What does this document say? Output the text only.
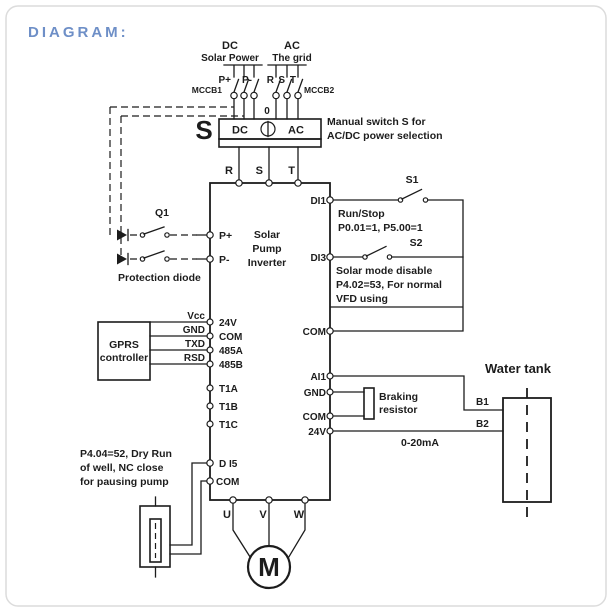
DIAGRAM:
DC
Solar Power
P+ P-
MCCB1
AC
The grid
R S T
MCCB2
S DC	AC
0
Manual switch S for
AC/DC power selection
R S T
Solar
Pump
Inverter
P+
P-
24V
COM
485A
485B
T1A
T1B
T1C
D I5
COM
DI1
DI3
COM
AI1
GND
COM
24V
U	V W
Q1
Protection diode
GPRS
controller
Vcc
GND
TXD
RSD
S1
Run/Stop
P0.01=1, P5.00=1
S2
Solar mode disable
P4.02=53, For normal
VFD using
Braking
resistor
Water tank
B1
B2
0-20mA
P4.04=52, Dry Run
of well, NC close
for pausing pump
M
